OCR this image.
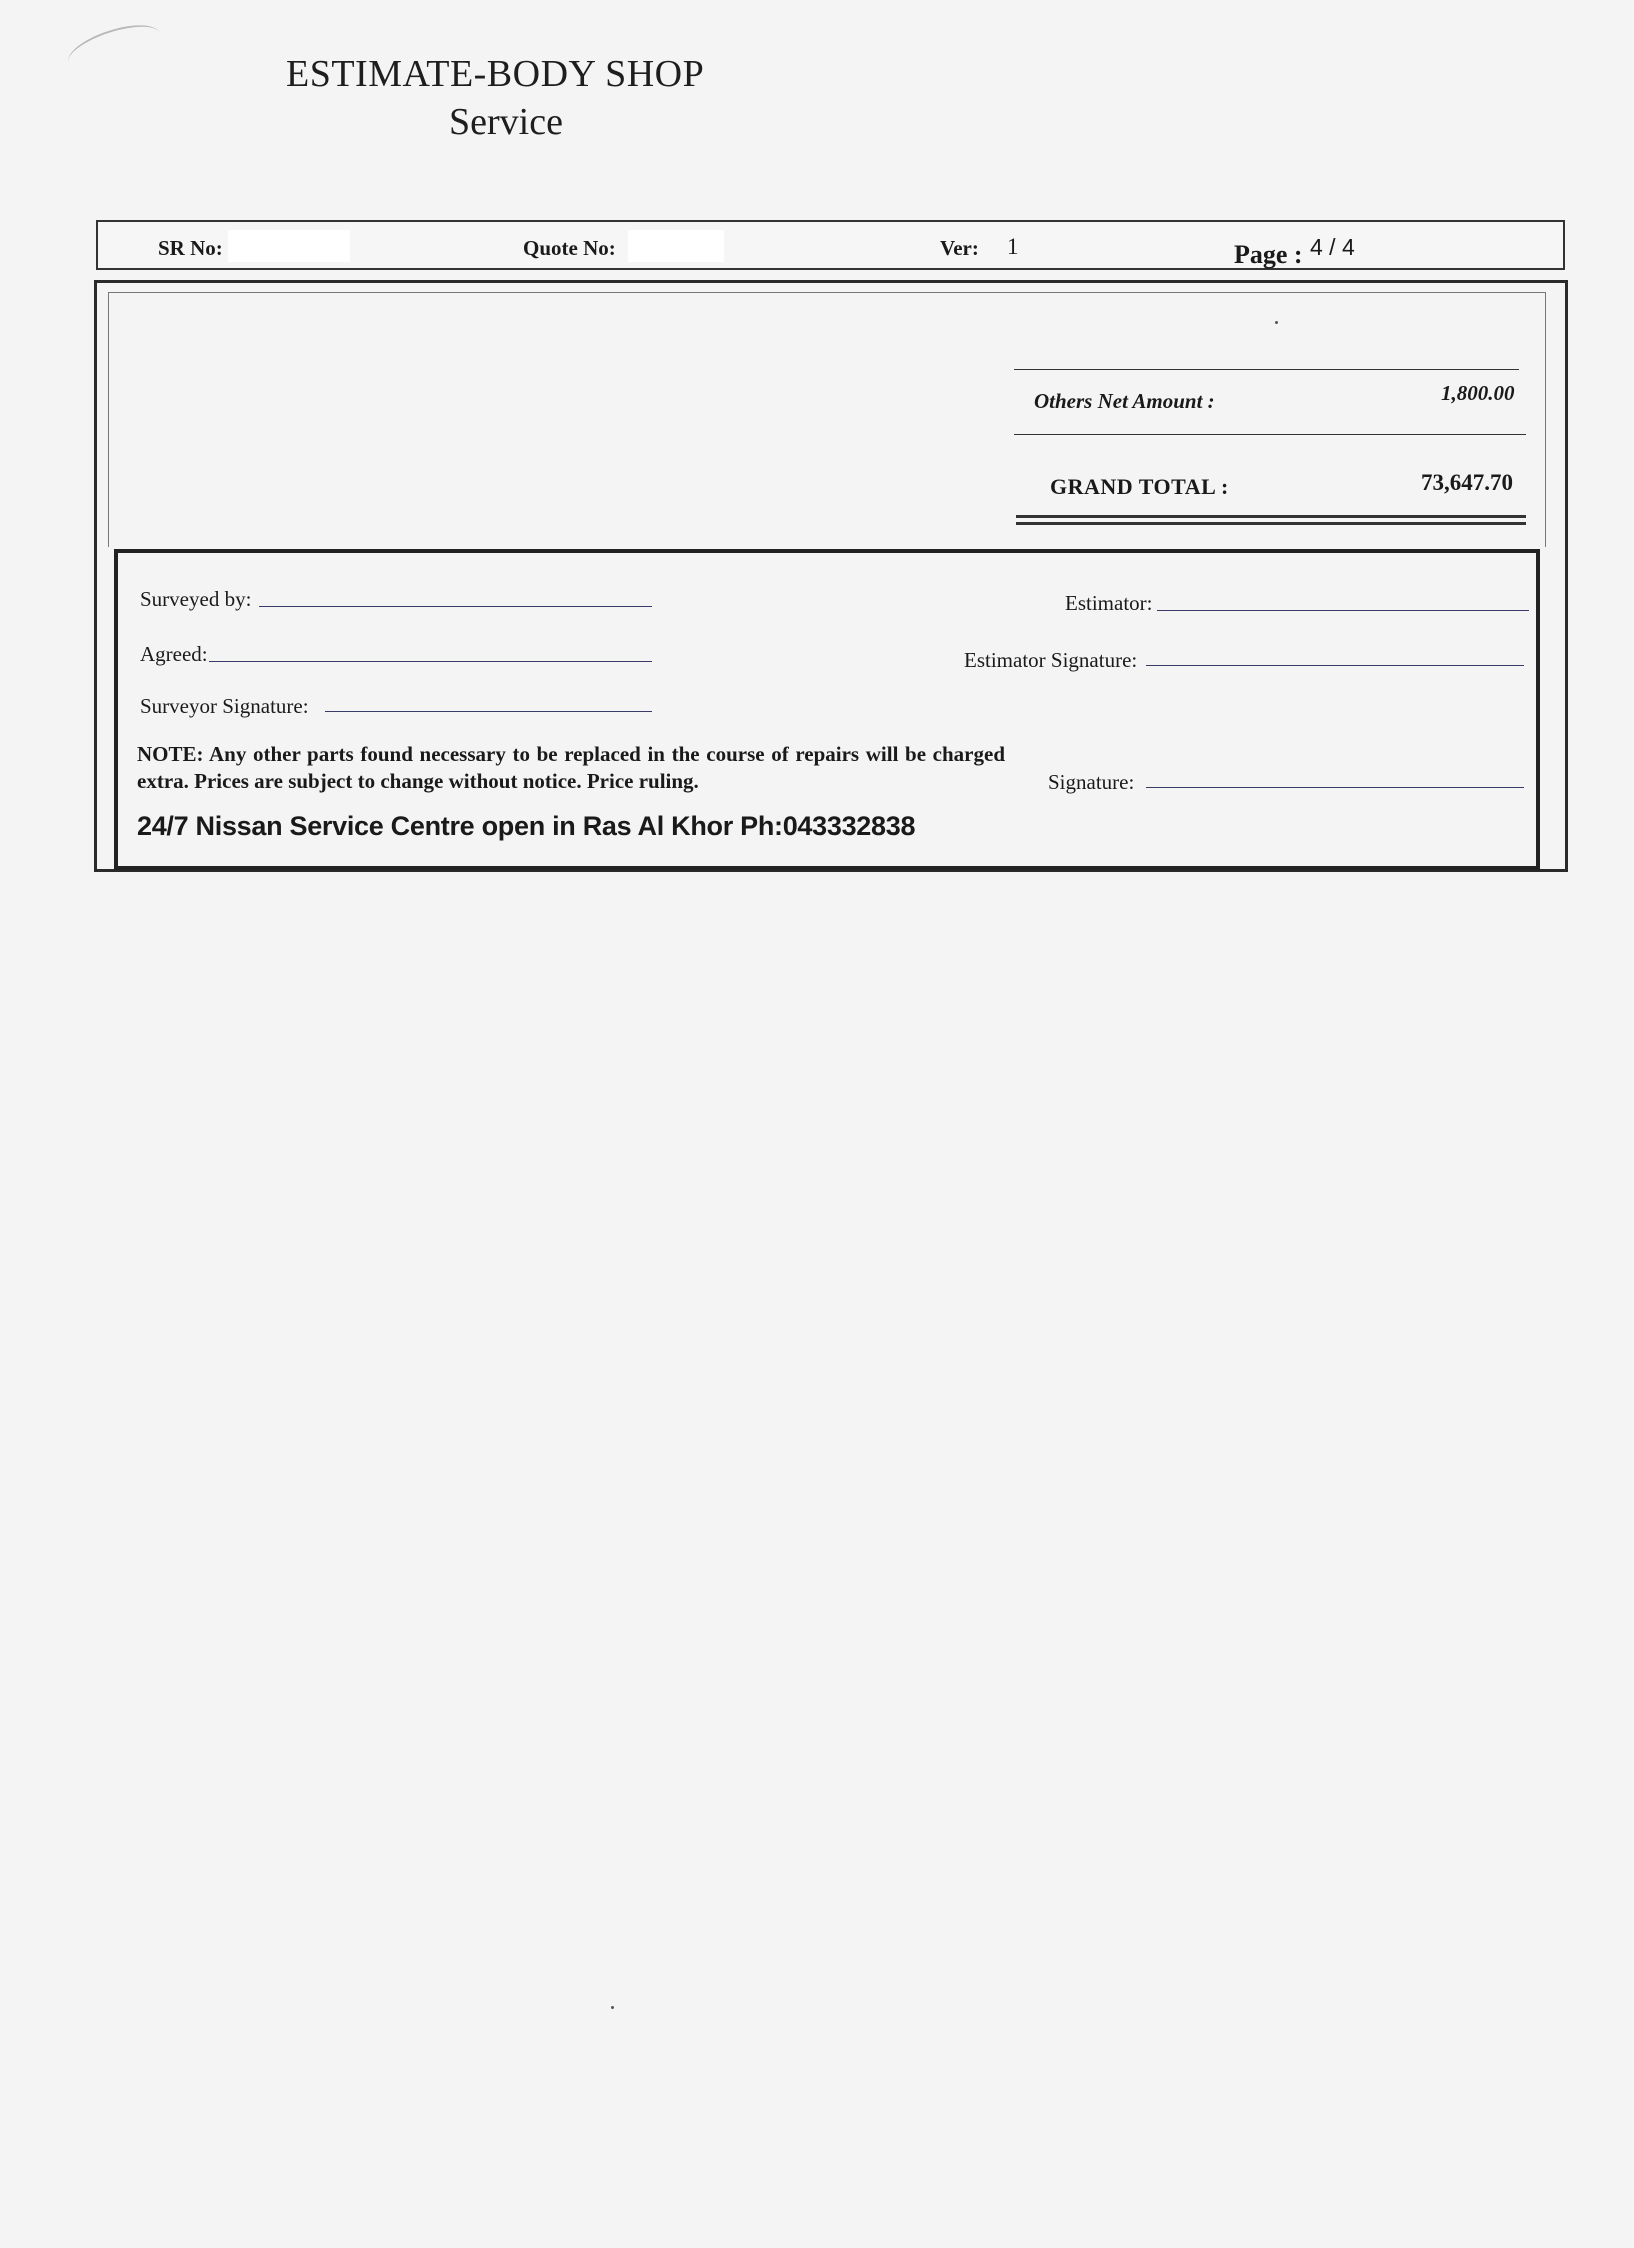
ESTIMATE-BODY SHOP
Service
SR No:	Quote No:	Ver: 1	Page : 4 / 4
Others Net Amount :	1,800.00
GRAND TOTAL :	73,647.70
Surveyed by:
Agreed:
Surveyor Signature:
Estimator:
Estimator Signature:
Signature:
NOTE: Any other parts found necessary to be replaced in the course of repairs will be charged extra. Prices are subject to change without notice. Price ruling.
24/7 Nissan Service Centre open in Ras Al Khor Ph:043332838
